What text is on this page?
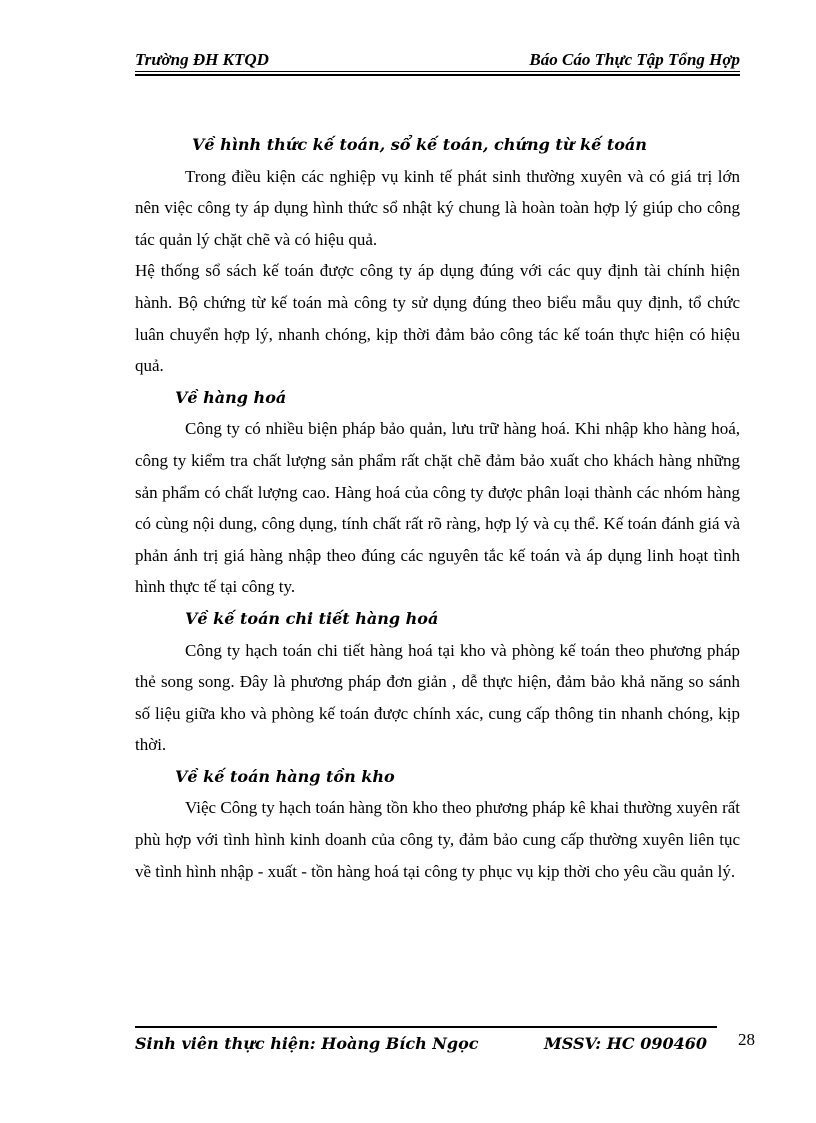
Trường ĐH KTQD	Báo Cáo Thực Tập Tổng Hợp

Về hình thức kế toán, sổ kế toán, chứng từ kế toán

Trong điều kiện các nghiệp vụ kinh tế phát sinh thường xuyên và có giá trị lớn nên việc công ty áp dụng hình thức sổ nhật ký chung là hoàn toàn hợp lý giúp cho công tác quản lý chặt chẽ và có hiệu quả.

Hệ thống sổ sách kế toán được công ty áp dụng đúng với các quy định tài chính hiện hành. Bộ chứng từ kế toán mà công ty sử dụng đúng theo biểu mẫu quy định, tổ chức luân chuyển hợp lý, nhanh chóng, kịp thời đảm bảo công tác kế toán thực hiện có hiệu quả.

Về hàng hoá

Công ty có nhiều biện pháp bảo quản, lưu trữ hàng hoá. Khi nhập kho hàng hoá, công ty kiểm tra chất lượng sản phẩm rất chặt chẽ đảm bảo xuất cho khách hàng những sản phẩm có chất lượng cao. Hàng hoá của công ty được phân loại thành các nhóm hàng có cùng nội dung, công dụng, tính chất rất rõ ràng, hợp lý và cụ thể. Kế toán đánh giá và phản ánh trị giá hàng nhập theo đúng các nguyên tắc kế toán và áp dụng linh hoạt tình hình thực tế tại công ty.

Về kế toán chi tiết hàng hoá

Công ty hạch toán chi tiết hàng hoá tại kho và phòng kế toán theo phương pháp thẻ song song. Đây là phương pháp đơn giản , dễ thực hiện, đảm bảo khả năng so sánh số liệu giữa kho và phòng kế toán được chính xác, cung cấp thông tin nhanh chóng, kịp thời.

Về kế toán hàng tồn kho

Việc Công ty hạch toán hàng tồn kho theo phương pháp kê khai thường xuyên rất phù hợp với tình hình kinh doanh của công ty, đảm bảo cung cấp thường xuyên liên tục về tình hình nhập - xuất - tồn hàng hoá tại công ty phục vụ kịp thời cho yêu cầu quản lý.

Sinh viên thực hiện: Hoàng Bích Ngọc	MSSV: HC 090460 28
